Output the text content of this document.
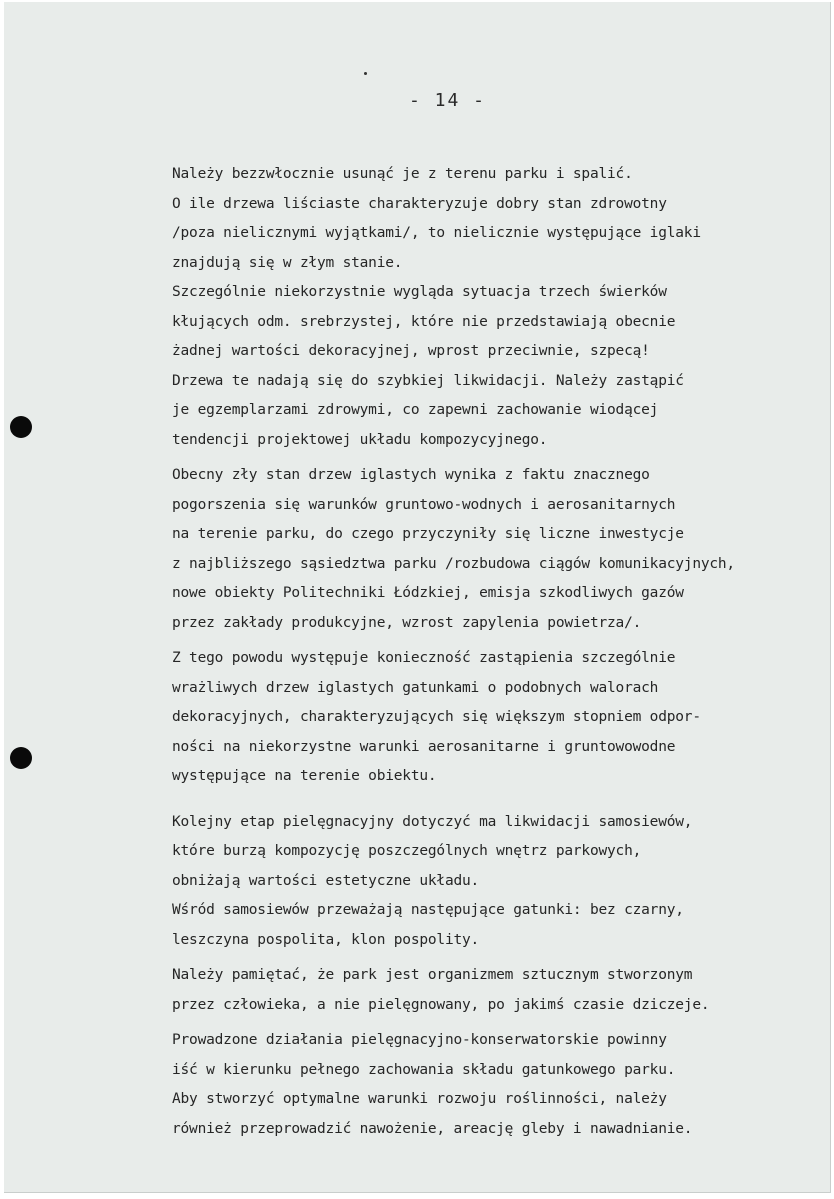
- 14 -
Należy bezzwłocznie usunąć je z terenu parku i spalić.
O ile drzewa liściaste charakteryzuje dobry stan zdrowotny
/poza nielicznymi wyjątkami/, to nielicznie występujące iglaki
znajdują się w złym stanie.
Szczególnie niekorzystnie wygląda sytuacja trzech świerków
kłujących odm. srebrzystej, które nie przedstawiają obecnie
żadnej wartości dekoracyjnej, wprost przeciwnie, szpecą!
Drzewa te nadają się do szybkiej likwidacji. Należy zastąpić
je egzemplarzami zdrowymi, co zapewni zachowanie wiodącej
tendencji projektowej układu kompozycyjnego.
Obecny zły stan drzew iglastych wynika z faktu znacznego
pogorszenia się warunków gruntowo-wodnych i aerosanitarnych
na terenie parku, do czego przyczyniły się liczne inwestycje
z najbliższego sąsiedztwa parku /rozbudowa ciągów komunikacyjnych,
nowe obiekty Politechniki Łódzkiej, emisja szkodliwych gazów
przez zakłady produkcyjne, wzrost zapylenia powietrza/.
Z tego powodu występuje konieczność zastąpienia szczególnie
wrażliwych drzew iglastych gatunkami o podobnych walorach
dekoracyjnych, charakteryzujących się większym stopniem odpor-
ności na niekorzystne warunki aerosanitarne i gruntowowodne
występujące na terenie obiektu.
Kolejny etap pielęgnacyjny dotyczyć ma likwidacji samosiewów,
które burzą kompozycję poszczególnych wnętrz parkowych,
obniżają wartości estetyczne układu.
Wśród samosiewów przeważają następujące gatunki: bez czarny,
leszczyna pospolita, klon pospolity.
Należy pamiętać, że park jest organizmem sztucznym stworzonym
przez człowieka, a nie pielęgnowany, po jakimś czasie dziczeje.
Prowadzone działania pielęgnacyjno-konserwatorskie powinny
iść w kierunku pełnego zachowania składu gatunkowego parku.
Aby stworzyć optymalne warunki rozwoju roślinności, należy
również przeprowadzić nawożenie, areację gleby i nawadnianie.
